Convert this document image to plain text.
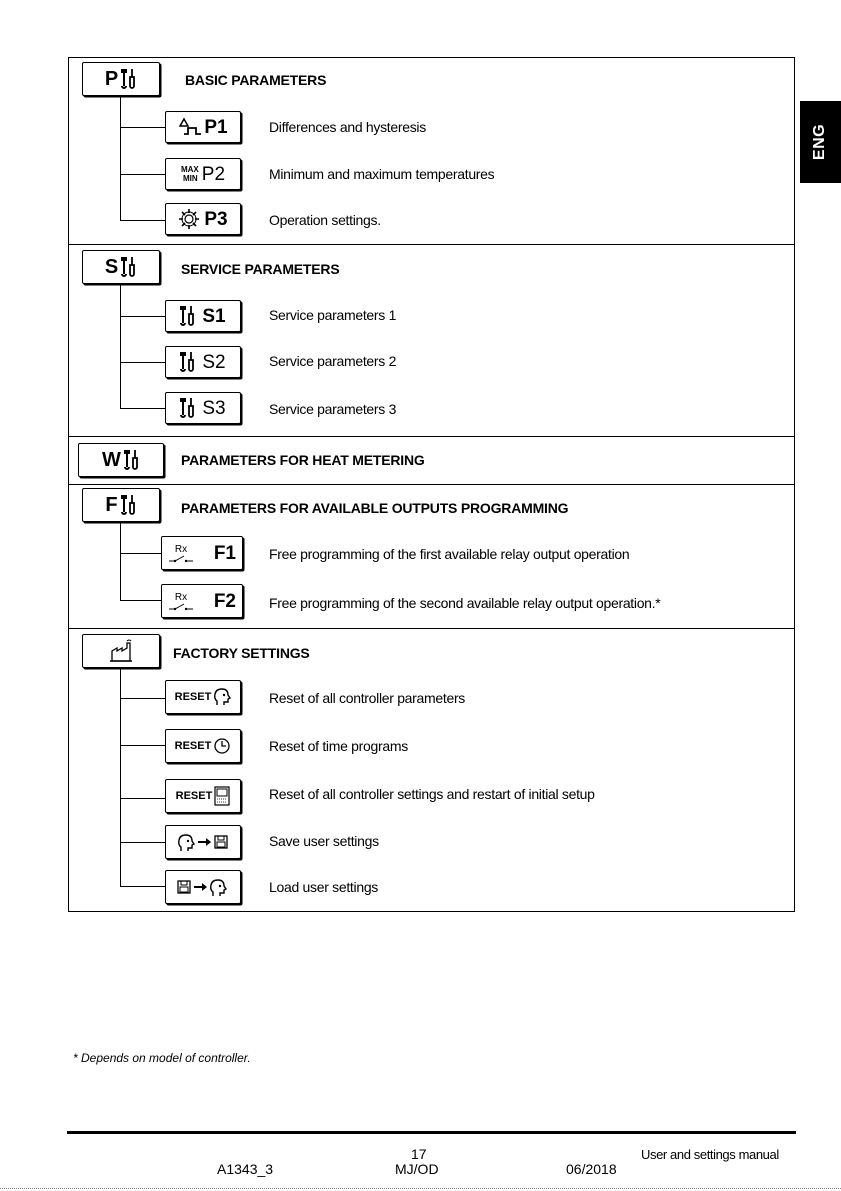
ENG
P	BASIC PARAMETERS
P1	Differences and hysteresis
MAX
MIN P2	Minimum and maximum temperatures
P3	Operation settings.
S	SERVICE PARAMETERS
S1	Service parameters 1
S2	Service parameters 2
S3	Service parameters 3
W	PARAMETERS FOR HEAT METERING
F	PARAMETERS FOR AVAILABLE OUTPUTS PROGRAMMING
Rx F1 Free programming of the first available relay output operation
Rx F2 Free programming of the second available relay output operation.*
FACTORY SETTINGS
RESET	Reset of all controller parameters
RESET	Reset of time programs
RESET	Reset of all controller settings and restart of initial setup
Save user settings
Load user settings
* Depends on model of controller.
17	User and settings manual
A1343_3	MJ/OD	06/2018
